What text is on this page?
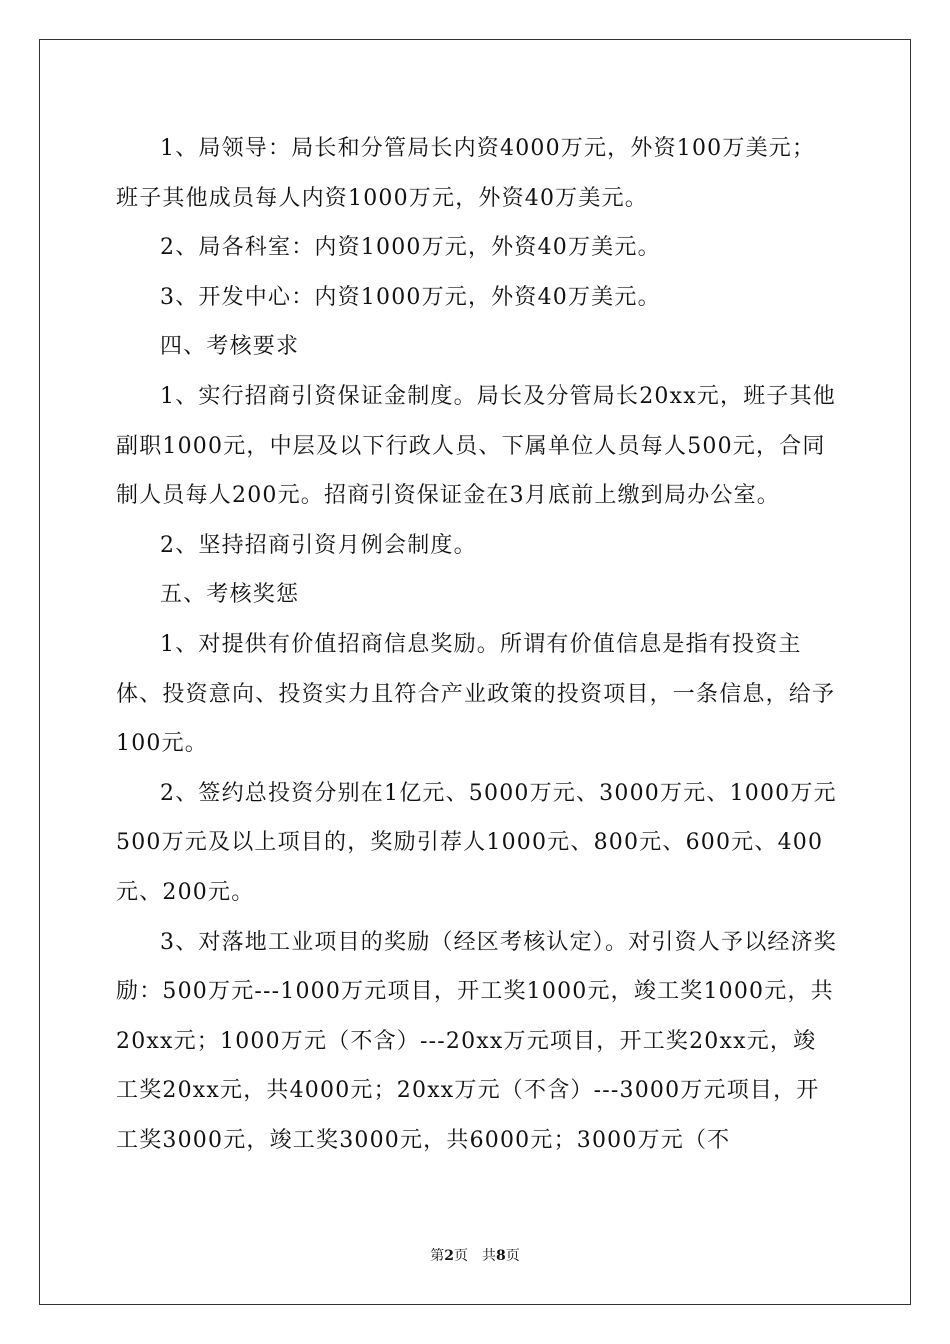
1、局领导：局长和分管局长内资4000万元，外资100万美元；班子其他成员每人内资1000万元，外资40万美元。

2、局各科室：内资1000万元，外资40万美元。

3、开发中心：内资1000万元，外资40万美元。

四、考核要求

1、实行招商引资保证金制度。局长及分管局长20xx元，班子其他副职1000元，中层及以下行政人员、下属单位人员每人500元，合同制人员每人200元。招商引资保证金在3月底前上缴到局办公室。

2、坚持招商引资月例会制度。

五、考核奖惩

1、对提供有价值招商信息奖励。所谓有价值信息是指有投资主体、投资意向、投资实力且符合产业政策的投资项目，一条信息，给予100元。

2、签约总投资分别在1亿元、5000万元、3000万元、1000万元500万元及以上项目的，奖励引荐人1000元、800元、600元、400元、200元。

3、对落地工业项目的奖励（经区考核认定）。对引资人予以经济奖励：500万元---1000万元项目，开工奖1000元，竣工奖1000元，共20xx元；1000万元（不含）---20xx万元项目，开工奖20xx元，竣工奖20xx元，共4000元；20xx万元（不含）---3000万元项目，开工奖3000元，竣工奖3000元，共6000元；3000万元（不

第2页 共8页
